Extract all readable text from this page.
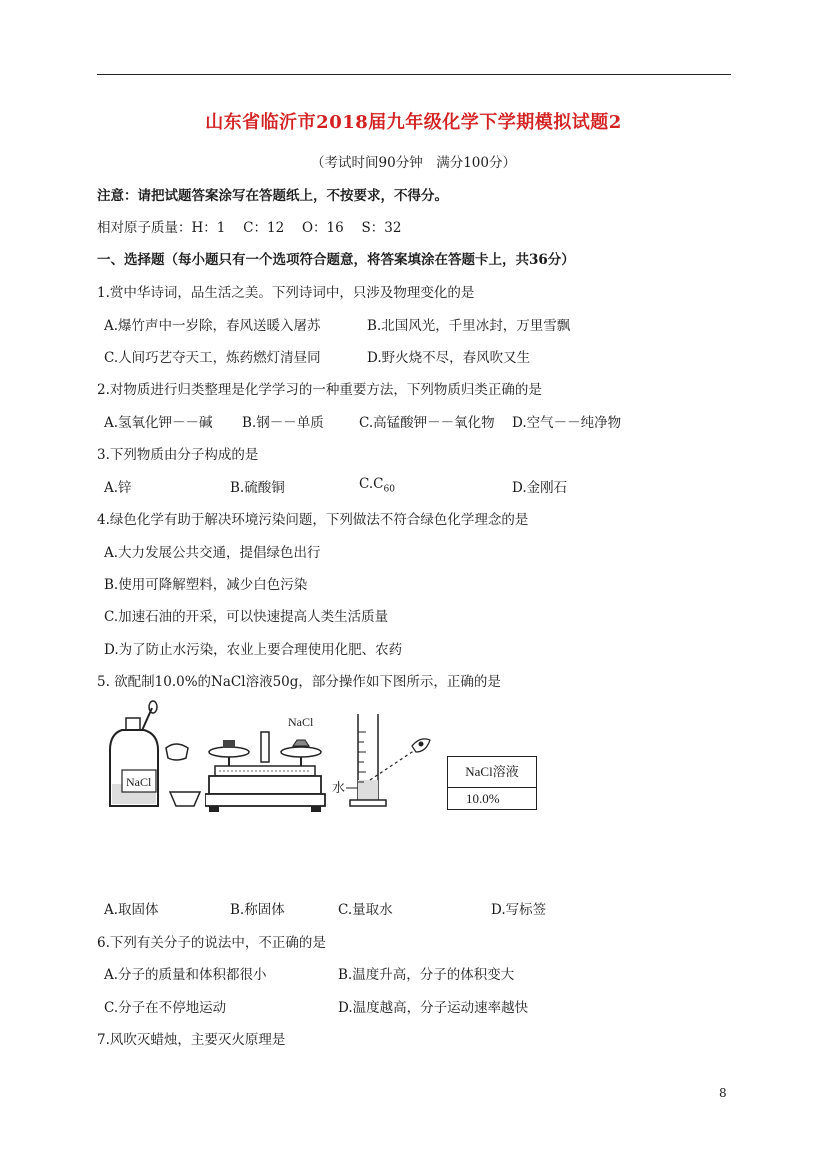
山东省临沂市2018届九年级化学下学期模拟试题2
（考试时间90分钟　满分100分）
注意：请把试题答案涂写在答题纸上，不按要求，不得分。
相对原子质量：H：1　 C：12　 O：16　 S：32
一、选择题（每小题只有一个选项符合题意，将答案填涂在答题卡上，共36分）
1.赏中华诗词，品生活之美。下列诗词中，只涉及物理变化的是
A.爆竹声中一岁除，春风送暖入屠苏	B.北国风光，千里冰封，万里雪飘
C.人间巧艺夺天工，炼药燃灯清昼同	D.野火烧不尽，春风吹又生
2.对物质进行归类整理是化学学习的一种重要方法，下列物质归类正确的是
A.氢氧化钾－－碱 B.钢－－单质	C.高锰酸钾－－氧化物 D.空气－－纯净物
3.下列物质由分子构成的是
A.锌	B.硫酸铜	$C.C_{60}$	D.金刚石
4.绿色化学有助于解决环境污染问题，下列做法不符合绿色化学理念的是
A.大力发展公共交通，提倡绿色出行
B.使用可降解塑料，减少白色污染
C.加速石油的开采，可以快速提高人类生活质量
D.为了防止水污染，农业上要合理使用化肥、农药
5. 欲配制10.0%的NaCl溶液50g，部分操作如下图所示，正确的是
NaCl
NaCl
水
NaCl溶液
10.0%
A.取固体	B.称固体	C.量取水	D.写标签
6.下列有关分子的说法中，不正确的是
A.分子的质量和体积都很小	B.温度升高，分子的体积变大
C.分子在不停地运动	D.温度越高，分子运动速率越快
7.风吹灭蜡烛，主要灭火原理是
8
